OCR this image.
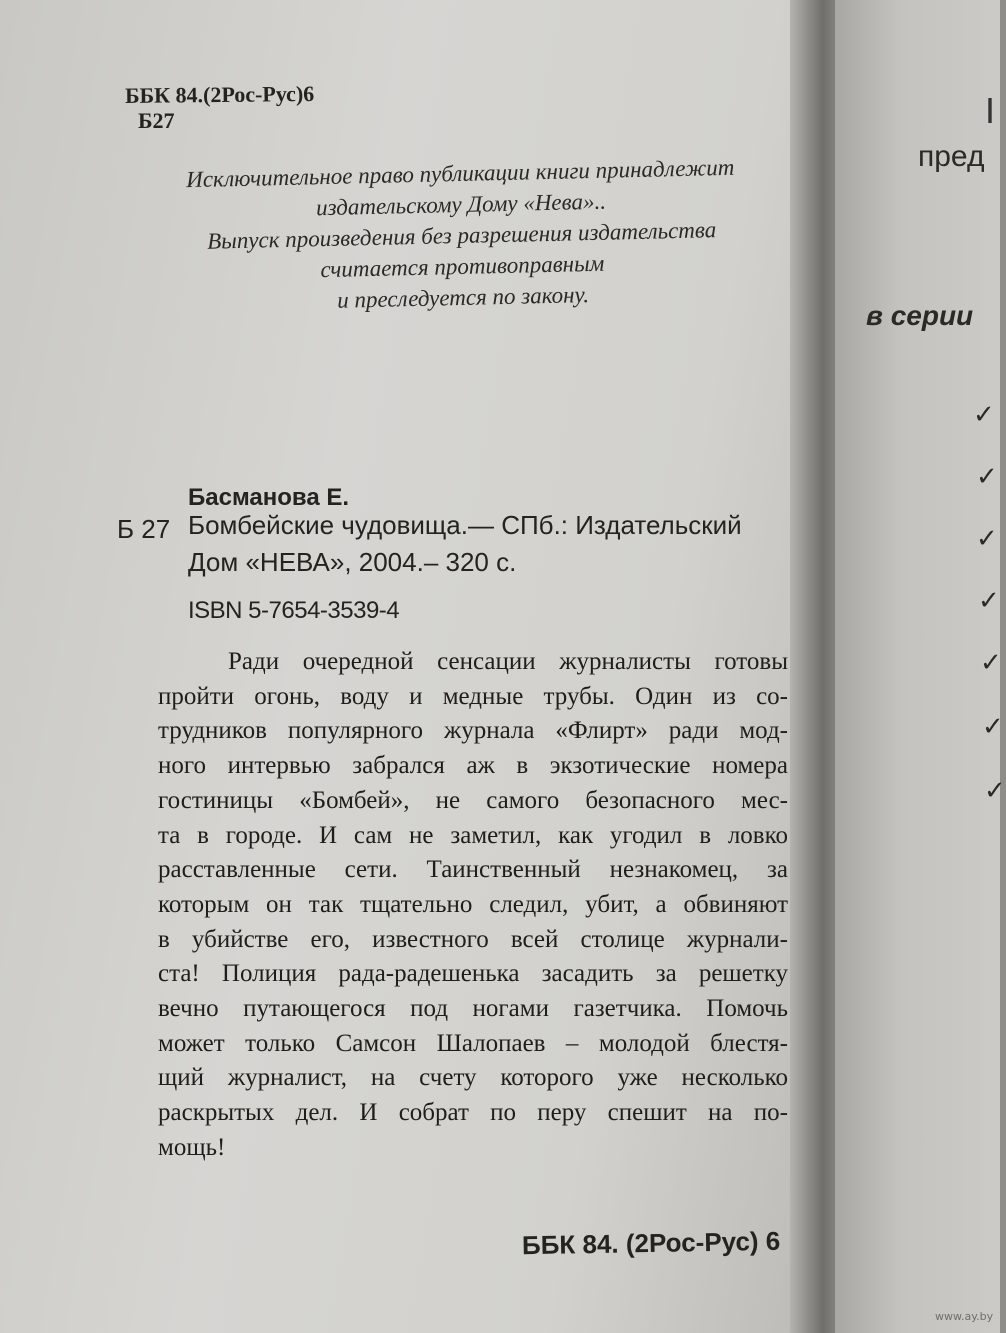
ББК 84.(2Рос-Рус)6
Б27
Исключительное право публикации книги принадлежит
издательскому Дому «Нева»..
Выпуск произведения без разрешения издательства
считается противоправным
и преследуется по закону.
Басманова Е.
Б 27 Бомбейские чудовища.— СПб.: Издательский
Дом «НЕВА», 2004.– 320 с.
ISBN 5-7654-3539-4
Ради очередной сенсации журналисты готовы
пройти огонь, воду и медные трубы. Один из со-
трудников популярного журнала «Флирт» ради мод-
ного интервью забрался аж в экзотические номера
гостиницы «Бомбей», не самого безопасного мес-
та в городе. И сам не заметил, как угодил в ловко
расставленные сети. Таинственный незнакомец, за
которым он так тщательно следил, убит, а обвиняют
в убийстве его, известного всей столице журнали-
ста! Полиция рада-радешенька засадить за решетку
вечно путающегося под ногами газетчика. Помочь
может только Самсон Шалопаев – молодой блестя-
щий журналист, на счету которого уже несколько
раскрытых дел. И собрат по перу спешит на по-
мощь!
ББК 84. (2Рос-Рус) 6
I
пред
в серии
✓
✓
✓
✓
✓
✓
✓
www.ay.by
